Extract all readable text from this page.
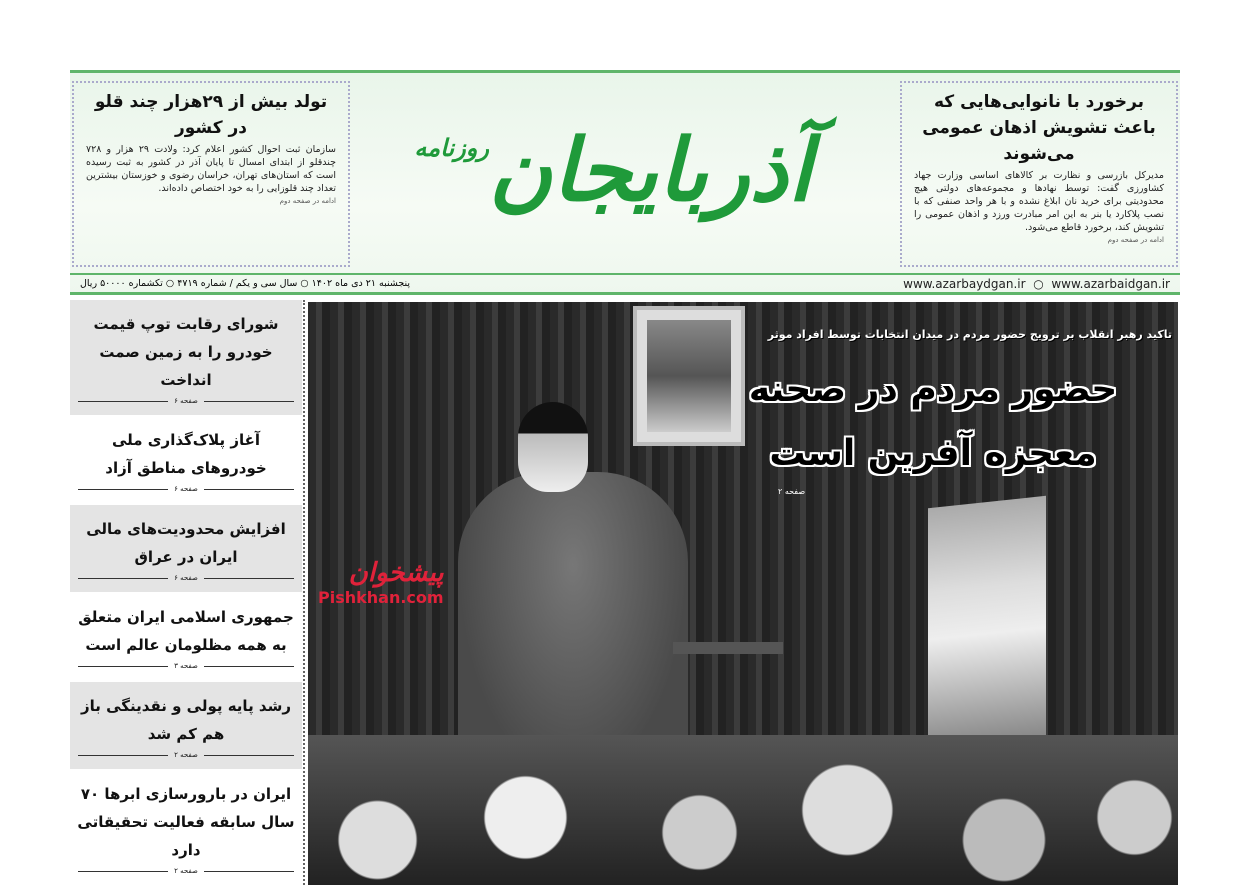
برخورد با نانوایی‌هایی که باعث تشویش اذهان عمومی می‌شوند

مدیرکل بازرسی و نظارت بر کالاهای اساسی وزارت جهاد کشاورزی گفت: توسط نهادها و مجموعه‌های دولتی هیچ محدودیتی برای خرید نان ابلاغ نشده و با هر واحد صنفی که با نصب پلاکارد یا بنر به این امر مبادرت ورزد و اذهان عمومی را تشویش کند، برخورد قاطع می‌شود.

ادامه در صفحه دوم
آذربایجان
روزنامه
تولد بیش از ۲۹هزار چند قلو در کشور

سازمان ثبت احوال کشور اعلام کرد: ولادت ۲۹ هزار و ۷۲۸ چندقلو از ابتدای امسال تا پایان آذر در کشور به ثبت رسیده است که استان‌های تهران، خراسان رضوی و خوزستان بیشترین تعداد چند قلوزایی را به خود اختصاص داده‌اند.

ادامه در صفحه دوم
پنجشنبه ۲۱ دی ماه ۱۴۰۲ ○ سال سی و یکم / شماره ۴۷۱۹ ○ تکشماره ۵۰۰۰۰ ریال	www.azarbaydgan.ir  ○  www.azarbaidgan.ir
شورای رقابت توپ قیمت خودرو را به زمین صمت انداخت
صفحه ۶
آغاز پلاک‌گذاری ملی خودروهای مناطق آزاد
صفحه ۶
افزایش محدودیت‌های مالی ایران در عراق
صفحه ۶
جمهوری اسلامی ایران متعلق به همه مظلومان عالم است
صفحه ۳
رشد پایه پولی و نقدینگی باز هم کم شد
صفحه ۲
ایران در بارورسازی ابرها ۷۰ سال سابقه فعالیت تحقیقاتی دارد
صفحه ۲
تاکید رهبر انقلاب بر ترویج حضور مردم در میدان انتخابات توسط افراد موثر
حضور مردم در صحنه معجزه آفرین است
صفحه ۲
پیشخوان
Pishkhan.com
